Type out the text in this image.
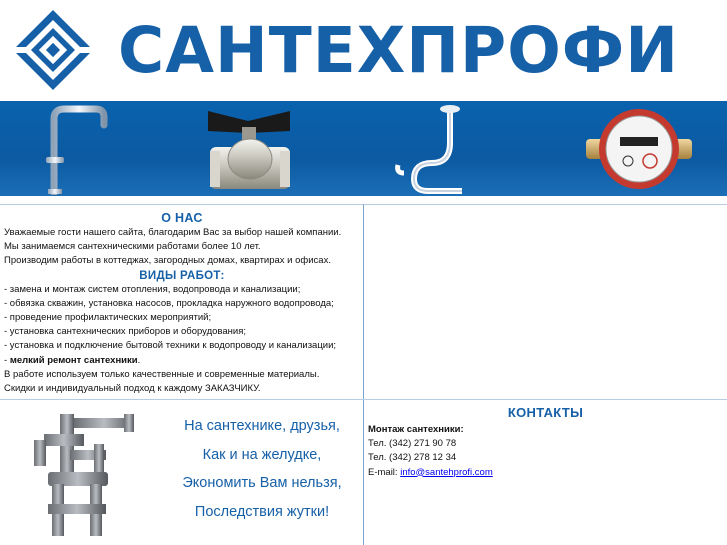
САНТЕХПРОФИ
О НАС

Уважаемые гости нашего сайта, благодарим Вас за выбор нашей компании.

Мы занимаемся сантехническими работами более 10 лет.

Производим работы в коттеджах, загородных домах, квартирах и офисах.

ВИДЫ РАБОТ:

- замена и монтаж систем отопления, водопровода и канализации;

- обвязка скважин, установка насосов, прокладка наружного водопровода;

- проведение профилактических мероприятий;

- установка сантехнических приборов и оборудования;

- установка и подключение бытовой техники к водопроводу и канализации;

- мелкий ремонт сантехники.

В работе используем только качественные и современные материалы.

Скидки и индивидуальный подход к каждому ЗАКАЗЧИКУ.

На сантехнике, друзья,
Как и на желудке,
Экономить Вам нельзя,
Последствия жутки!
КОНТАКТЫ

Монтаж сантехники:

Тел. (342) 271 90 78

Тел. (342) 278 12 34

E-mail: info@santehprofi.com
